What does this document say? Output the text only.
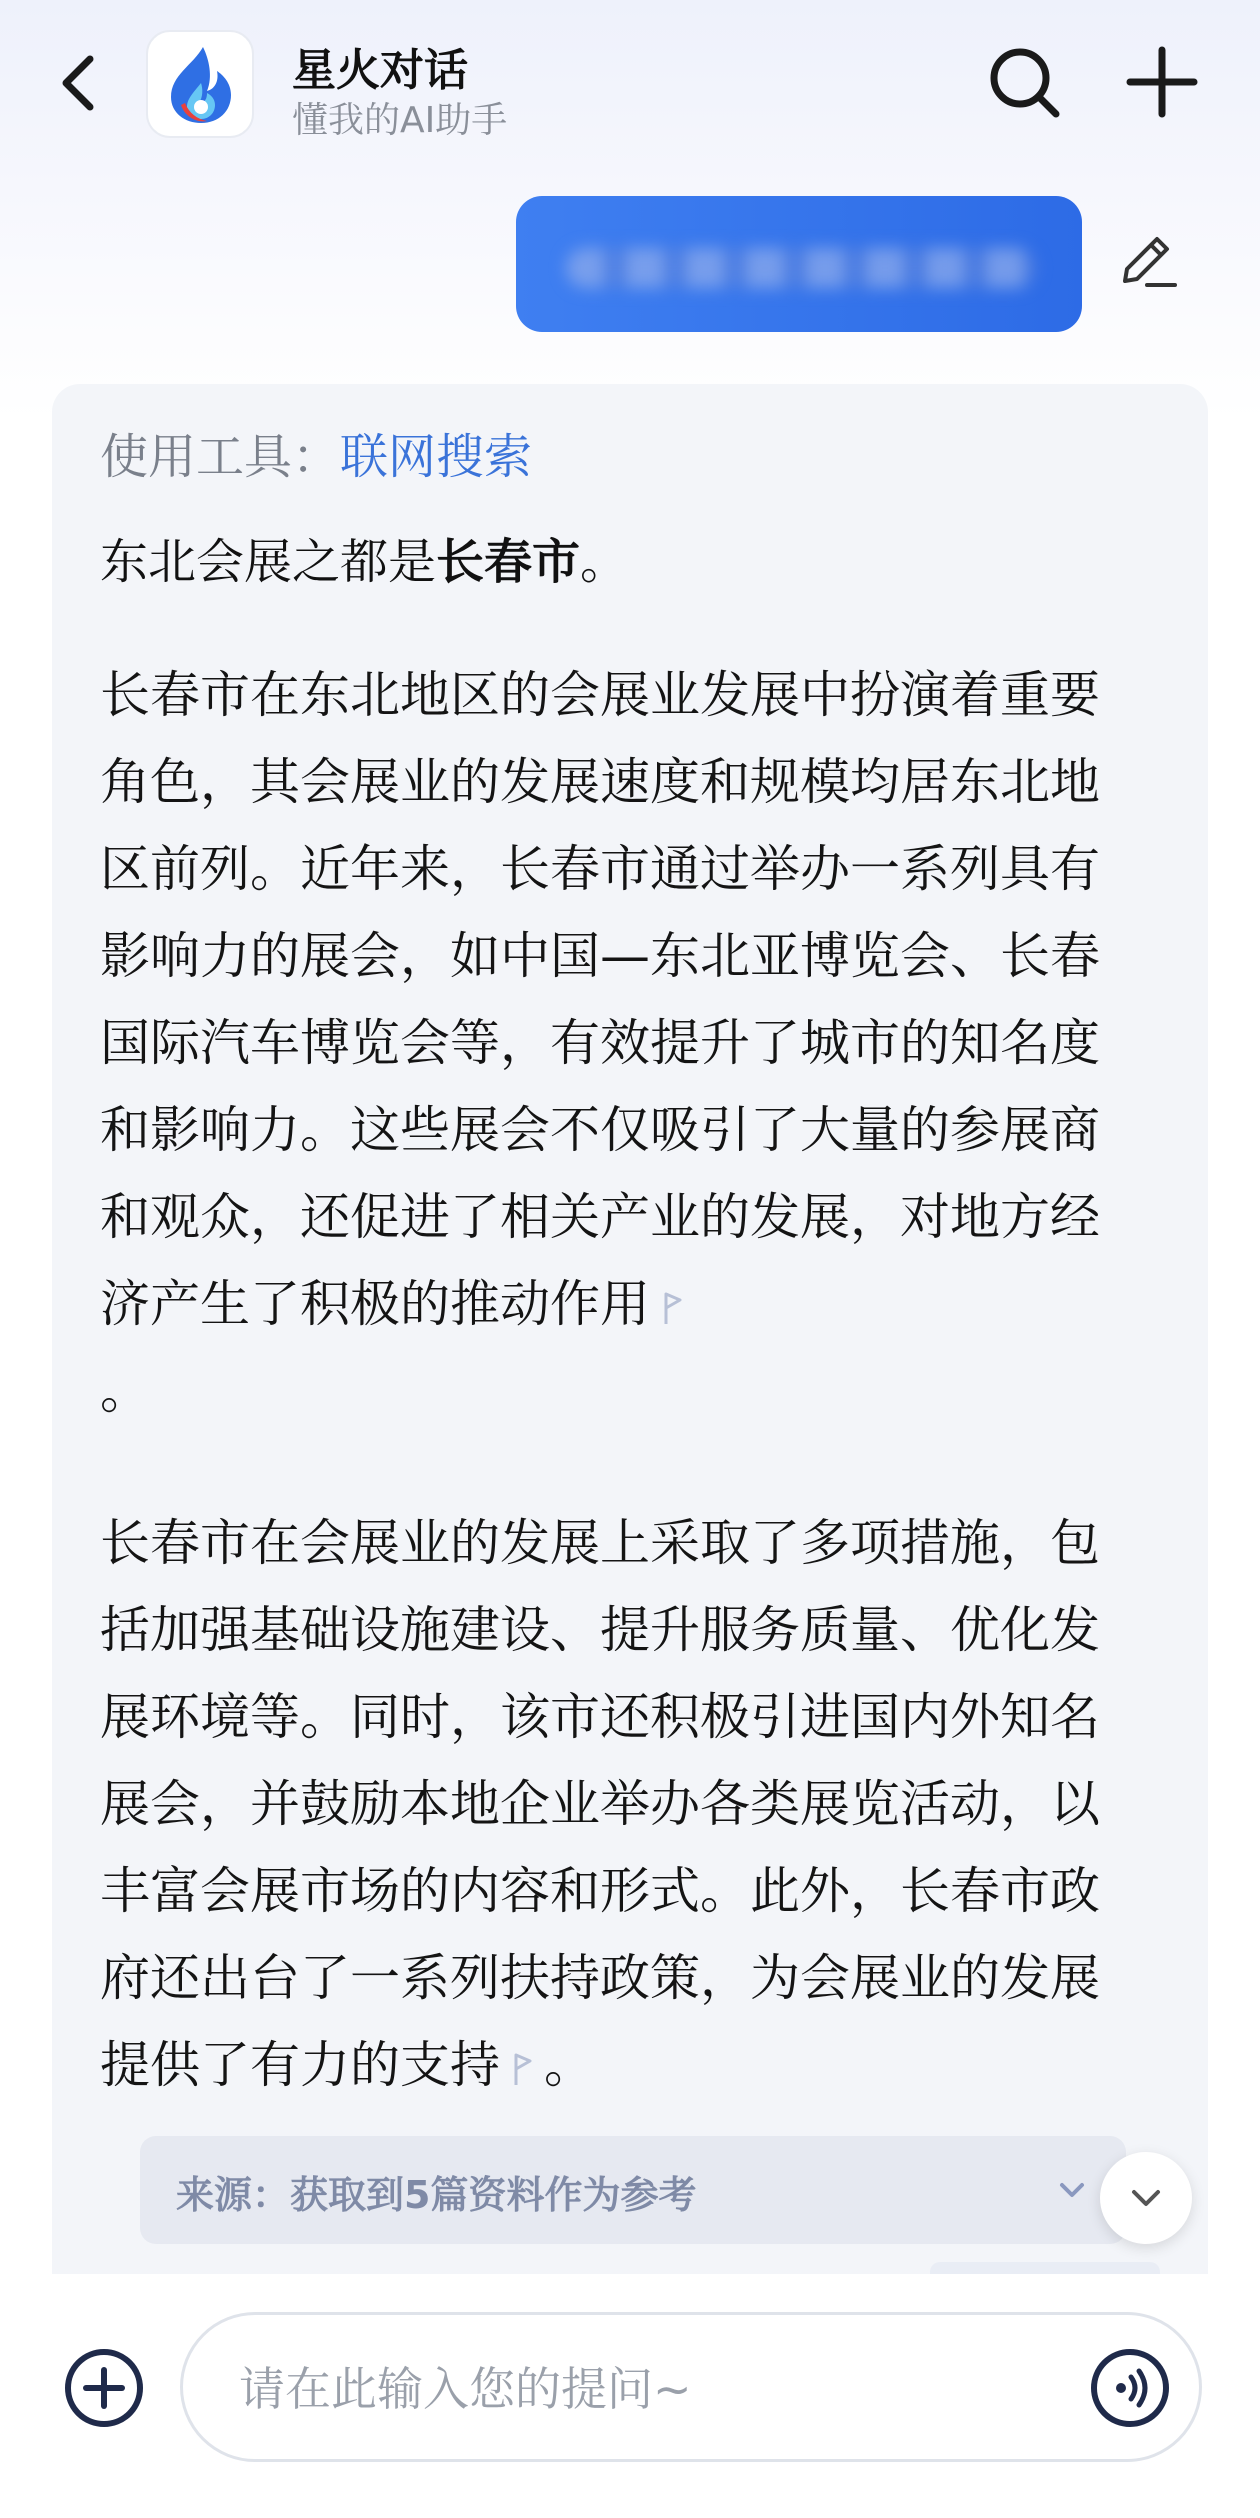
星火对话
懂我的AI助手
使用工具：联网搜索
东北会展之都是长春市。
长春市在东北地区的会展业发展中扮演着重要角色，其会展业的发展速度和规模均居东北地区前列。近年来，长春市通过举办一系列具有影响力的展会，如中国—东北亚博览会、长春国际汽车博览会等，有效提升了城市的知名度和影响力。这些展会不仅吸引了大量的参展商和观众，还促进了相关产业的发展，对地方经济产生了积极的推动作用
。
长春市在会展业的发展上采取了多项措施，包括加强基础设施建设、提升服务质量、优化发展环境等。同时，该市还积极引进国内外知名展会，并鼓励本地企业举办各类展览活动，以丰富会展市场的内容和形式。此外，长春市政府还出台了一系列扶持政策，为会展业的发展提供了有力的支持 。
来源：获取到5篇资料作为参考
请在此输入您的提问~
